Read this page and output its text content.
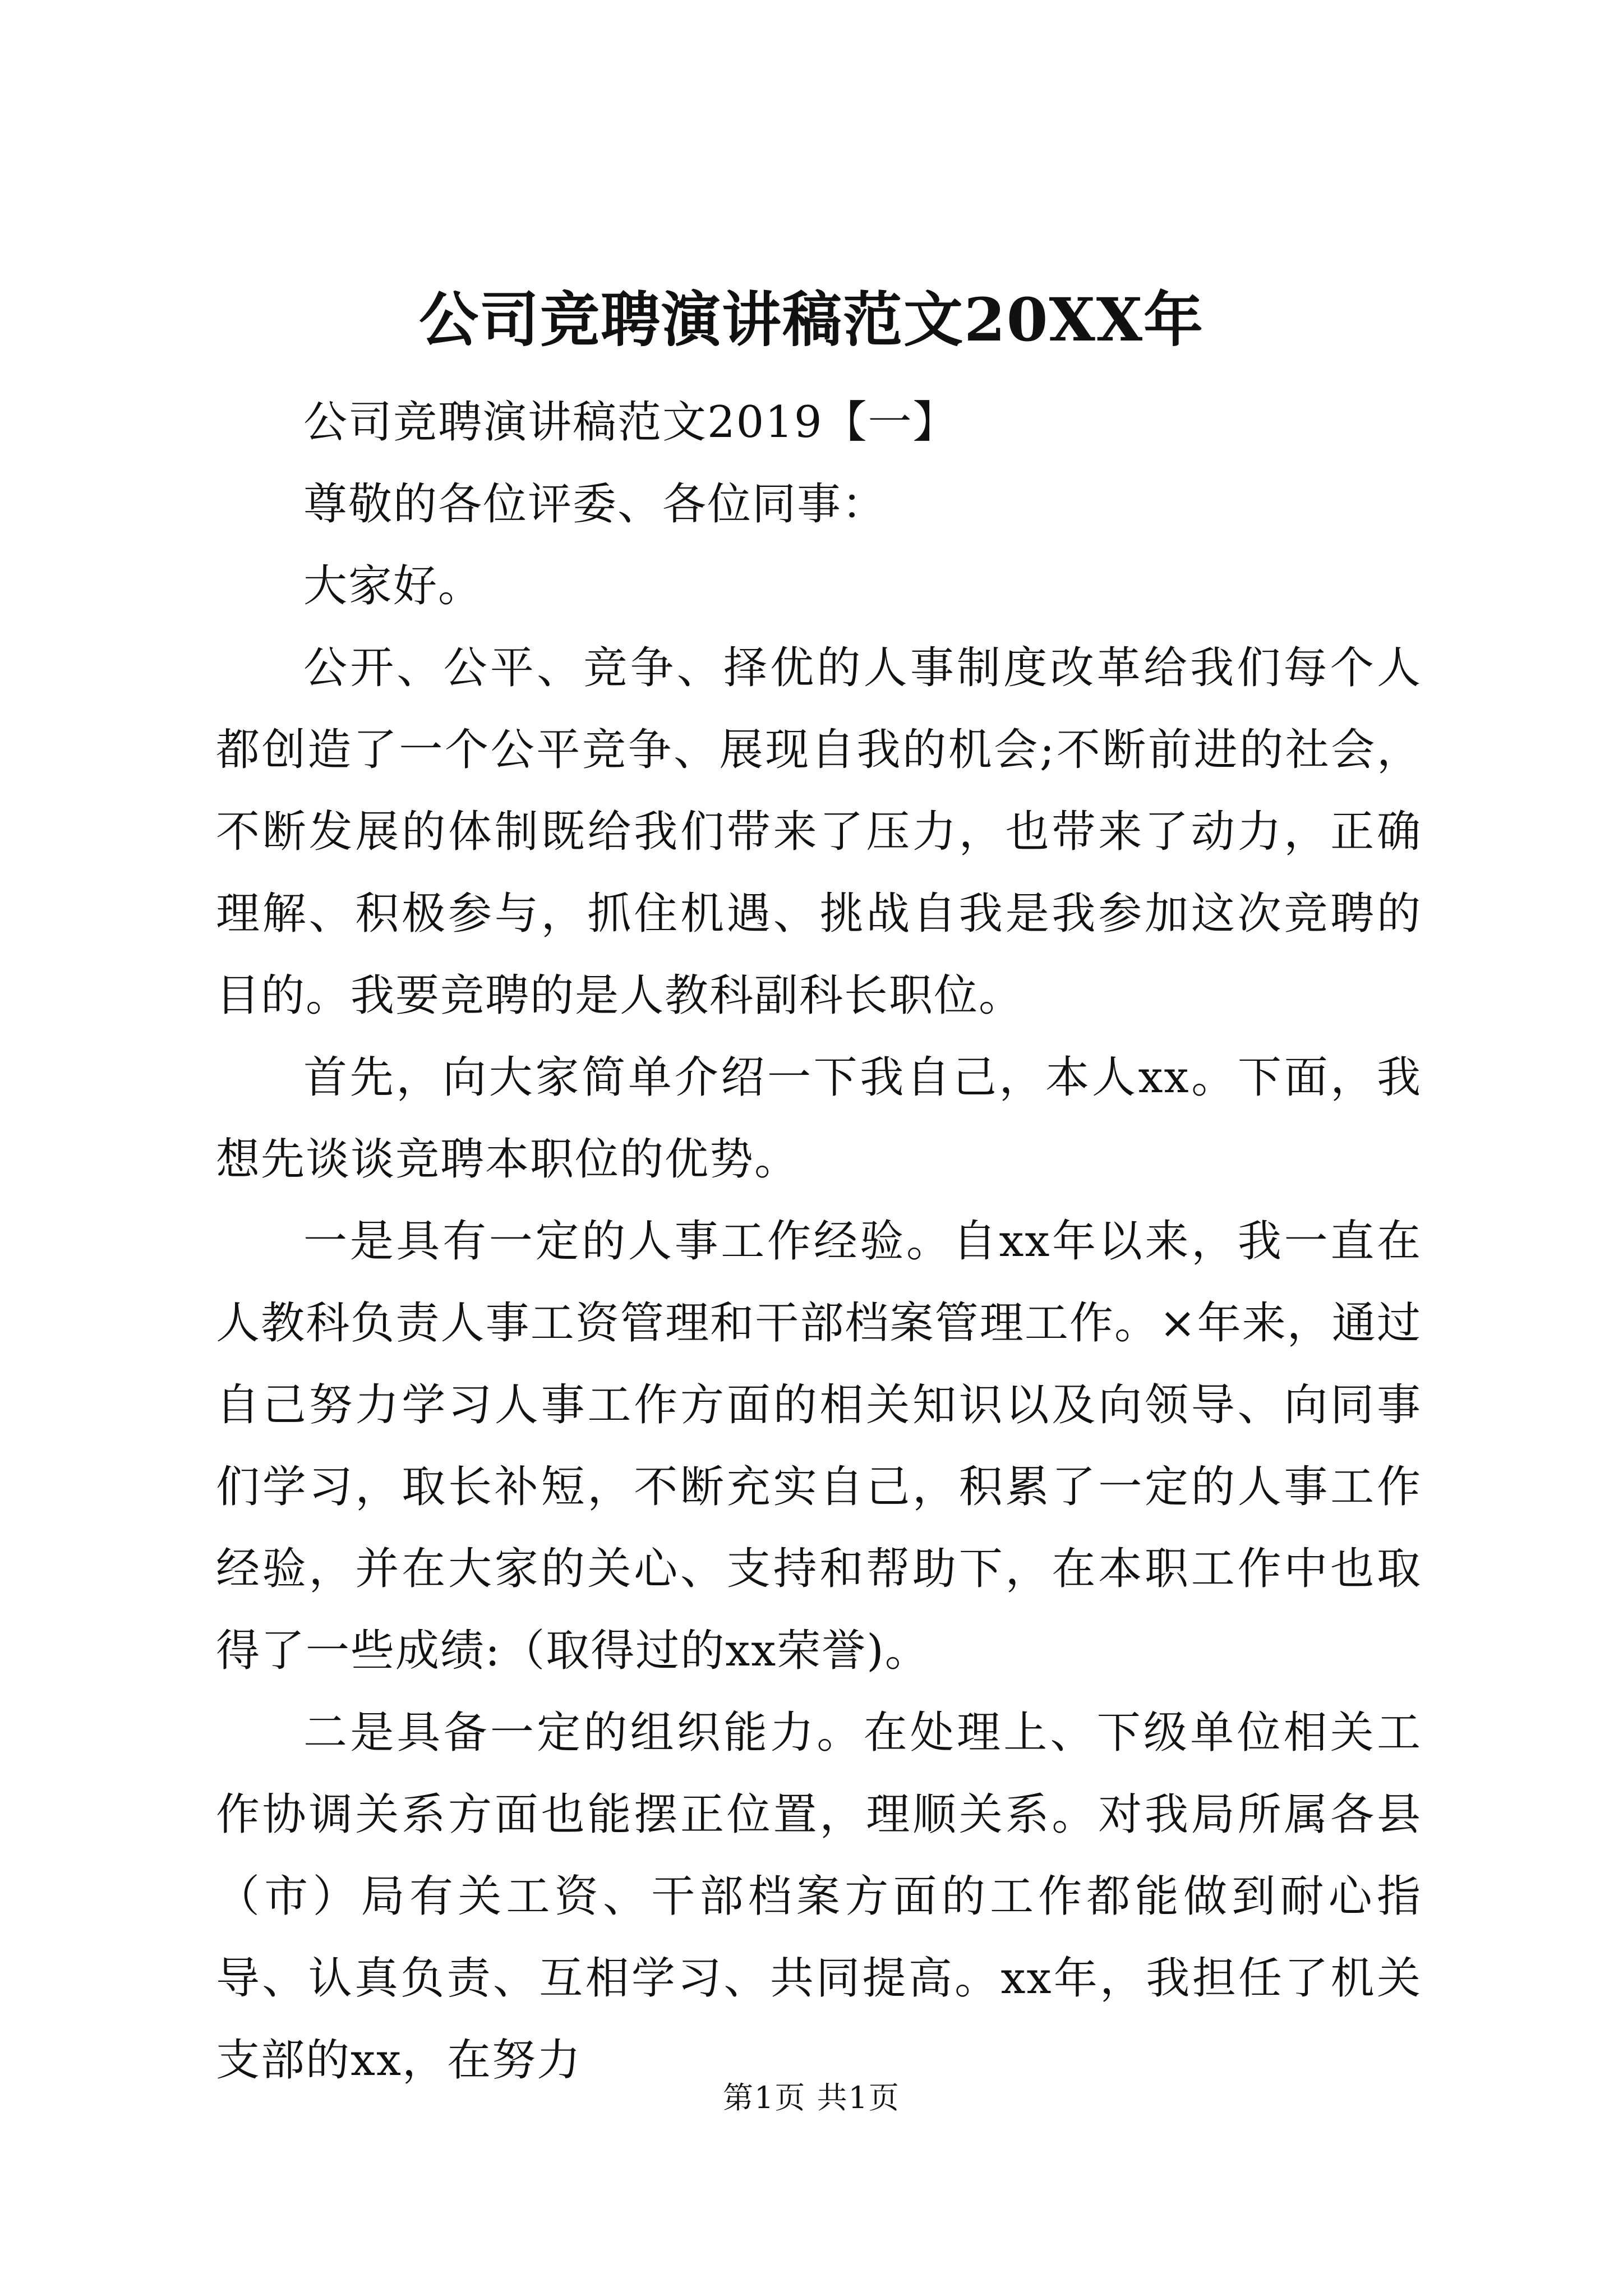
公司竞聘演讲稿范文20XX年

公司竞聘演讲稿范文2019【一】

尊敬的各位评委、各位同事：

大家好。

公开、公平、竞争、择优的人事制度改革给我们每个人都创造了一个公平竞争、展现自我的机会;不断前进的社会，不断发展的体制既给我们带来了压力，也带来了动力，正确理解、积极参与，抓住机遇、挑战自我是我参加这次竞聘的目的。我要竞聘的是人教科副科长职位。

首先，向大家简单介绍一下我自己，本人xx。下面，我想先谈谈竞聘本职位的优势。

一是具有一定的人事工作经验。自xx年以来，我一直在人教科负责人事工资管理和干部档案管理工作。×年来，通过自己努力学习人事工作方面的相关知识以及向领导、向同事们学习，取长补短，不断充实自己，积累了一定的人事工作经验，并在大家的关心、支持和帮助下，在本职工作中也取得了一些成绩:（取得过的xx荣誉)。

二是具备一定的组织能力。在处理上、下级单位相关工作协调关系方面也能摆正位置，理顺关系。对我局所属各县（市）局有关工资、干部档案方面的工作都能做到耐心指导、认真负责、互相学习、共同提高。xx年，我担任了机关支部的xx，在努力

第1页 共1页
